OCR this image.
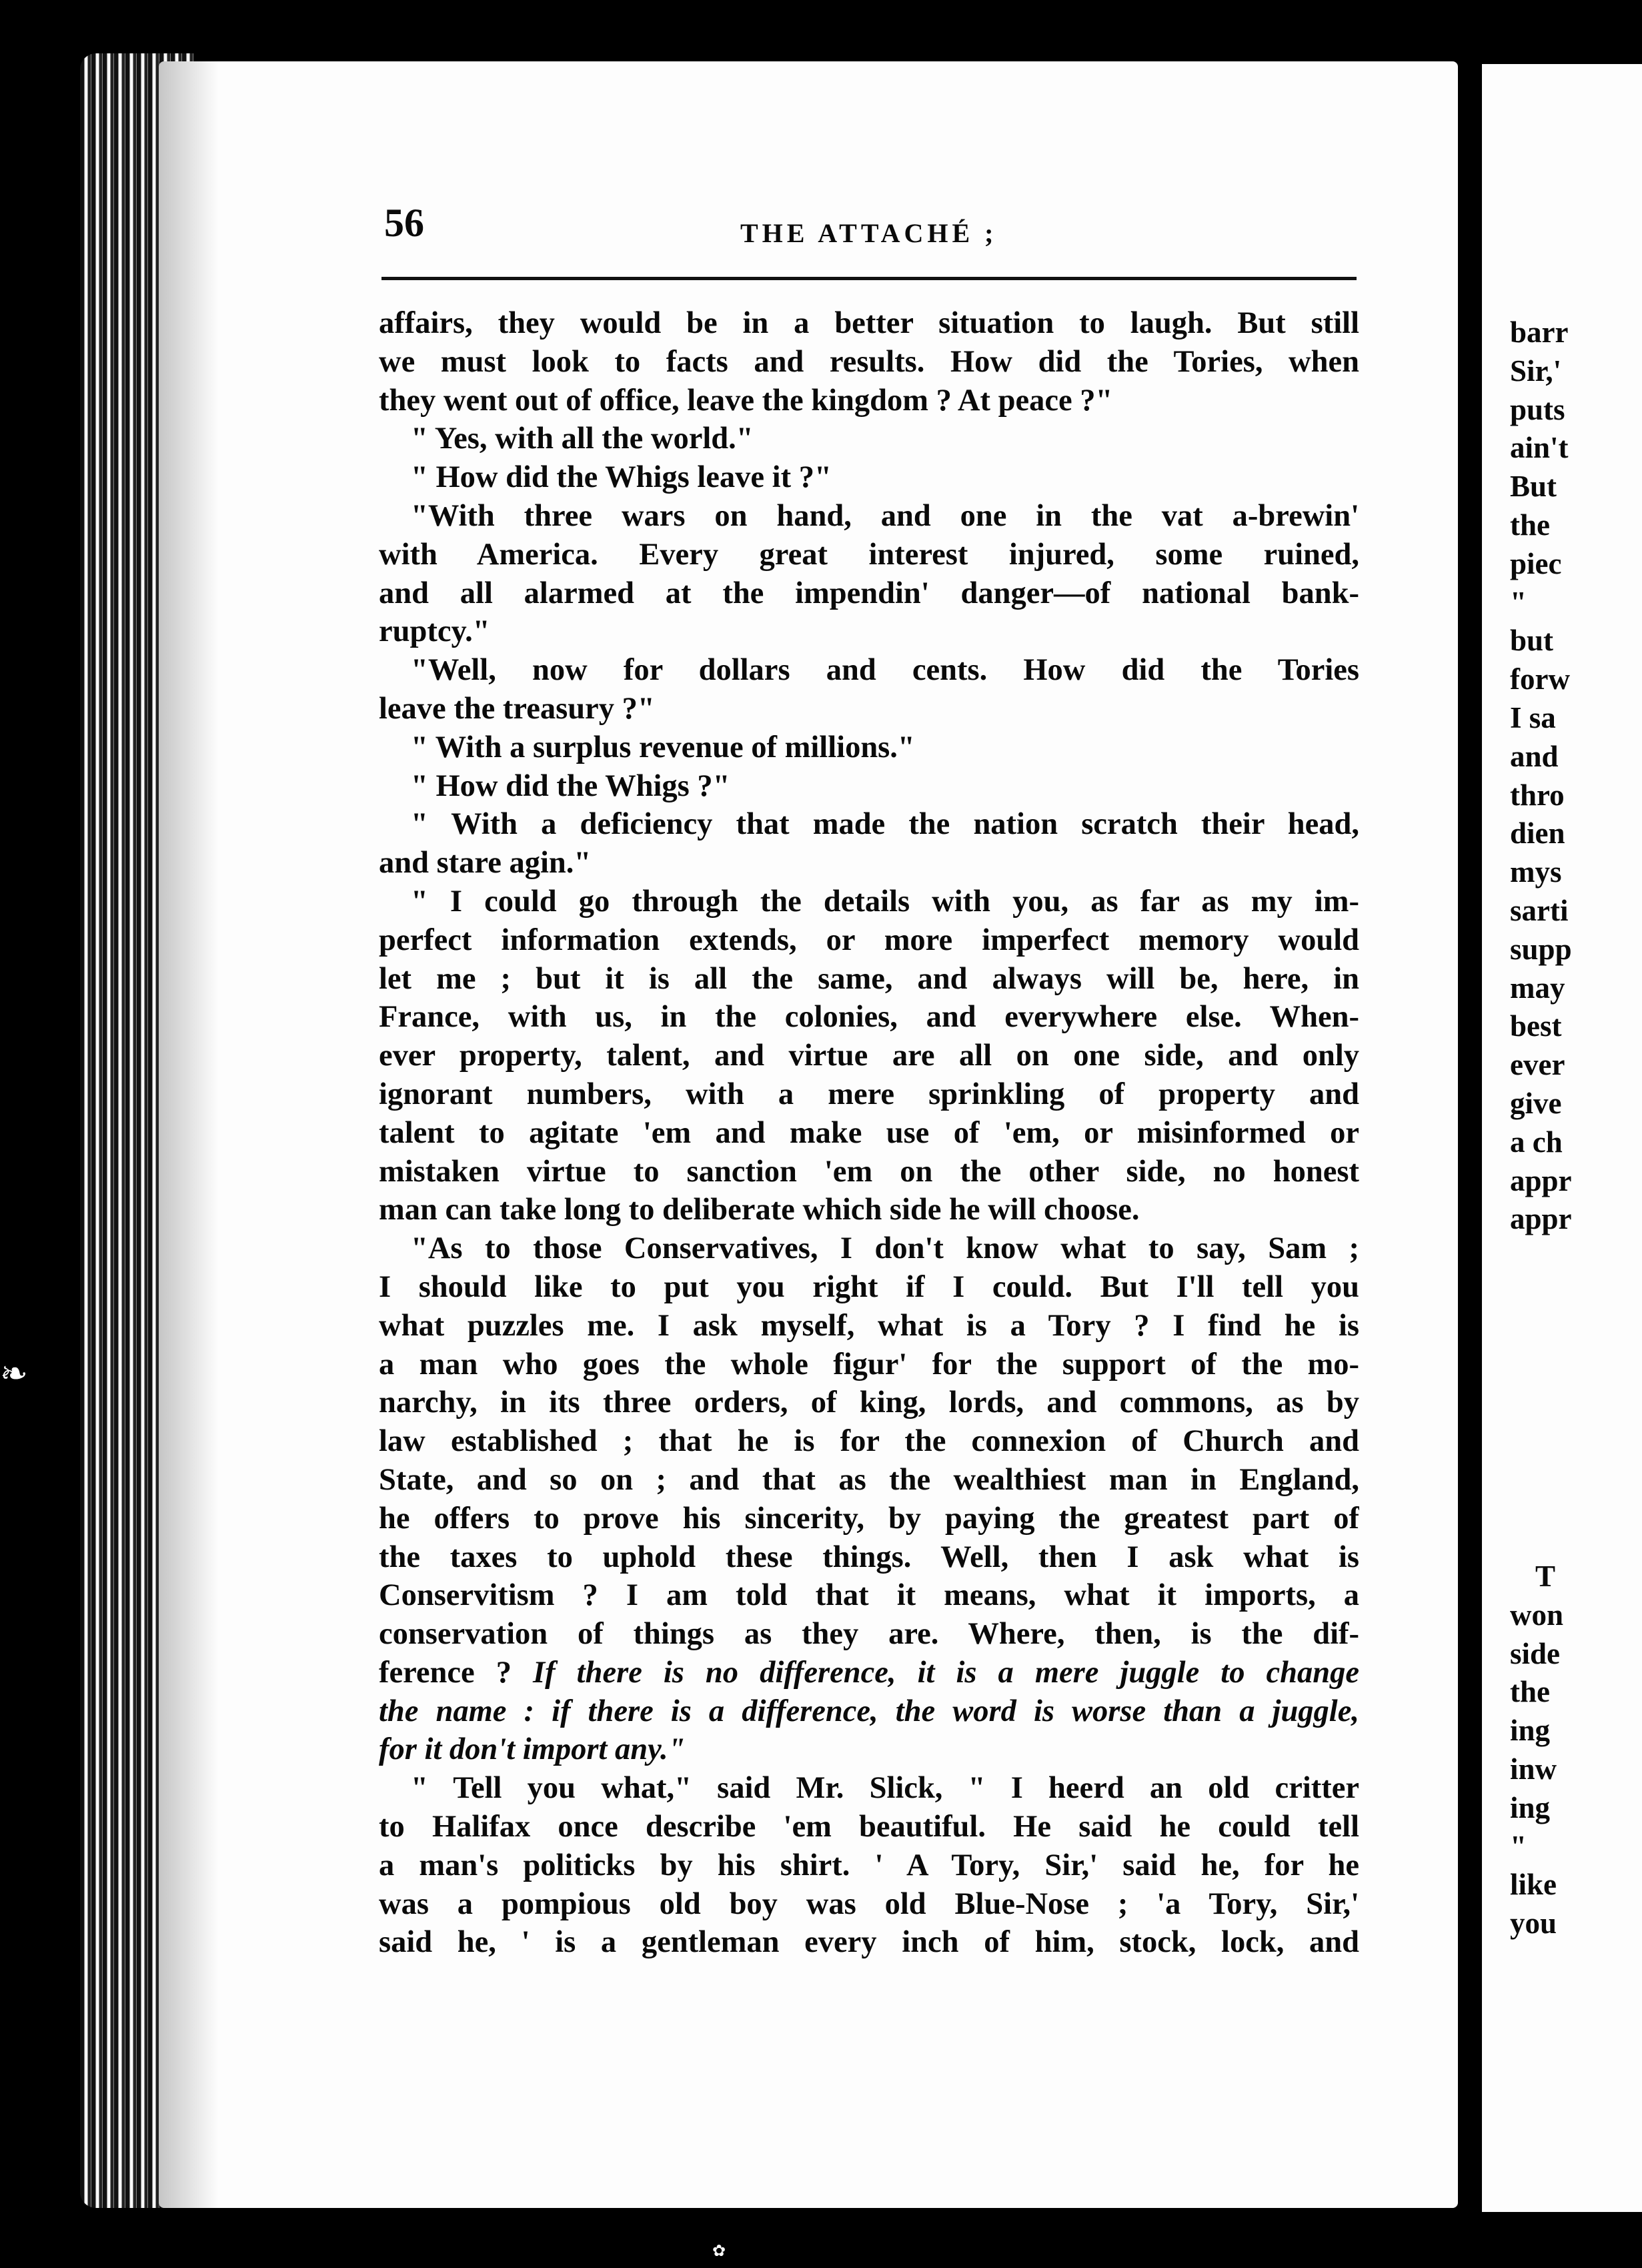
barr
Sir,'
puts
ain't
But
the
piec
"
but
forw
I sa
and
thro
dien
mys
sarti
supp
may
best
ever
give
a ch
appr
appr
T
won
side
the
ing
inw
ing
"
like
you
56	THE ATTACHÉ ;
affairs, they would be in a better situation to laugh. But still
we must look to facts and results. How did the Tories, when
they went out of office, leave the kingdom ? At peace ?"
" Yes, with all the world."
" How did the Whigs leave it ?"
"With three wars on hand, and one in the vat a-brewin'
with America. Every great interest injured, some ruined,
and all alarmed at the impendin' danger—of national bank-
ruptcy."
"Well, now for dollars and cents. How did the Tories
leave the treasury ?"
" With a surplus revenue of millions."
" How did the Whigs ?"
" With a deficiency that made the nation scratch their head,
and stare agin."
" I could go through the details with you, as far as my im-
perfect information extends, or more imperfect memory would
let me ; but it is all the same, and always will be, here, in
France, with us, in the colonies, and everywhere else. When-
ever property, talent, and virtue are all on one side, and only
ignorant numbers, with a mere sprinkling of property and
talent to agitate 'em and make use of 'em, or misinformed or
mistaken virtue to sanction 'em on the other side, no honest
man can take long to deliberate which side he will choose.
"As to those Conservatives, I don't know what to say, Sam ;
I should like to put you right if I could. But I'll tell you
what puzzles me. I ask myself, what is a Tory ? I find he is
a man who goes the whole figur' for the support of the mo-
narchy, in its three orders, of king, lords, and commons, as by
law established ; that he is for the connexion of Church and
State, and so on ; and that as the wealthiest man in England,
he offers to prove his sincerity, by paying the greatest part of
the taxes to uphold these things. Well, then I ask what is
Conservitism ? I am told that it means, what it imports, a
conservation of things as they are. Where, then, is the dif-
ference ? If there is no difference, it is a mere juggle to change
the name : if there is a difference, the word is worse than a juggle,
for it don't import any."
" Tell you what," said Mr. Slick, " I heerd an old critter
to Halifax once describe 'em beautiful. He said he could tell
a man's politicks by his shirt. ' A Tory, Sir,' said he, for he
was a pompious old boy was old Blue-Nose ; 'a Tory, Sir,'
said he, ' is a gentleman every inch of him, stock, lock, and
❧
✿
